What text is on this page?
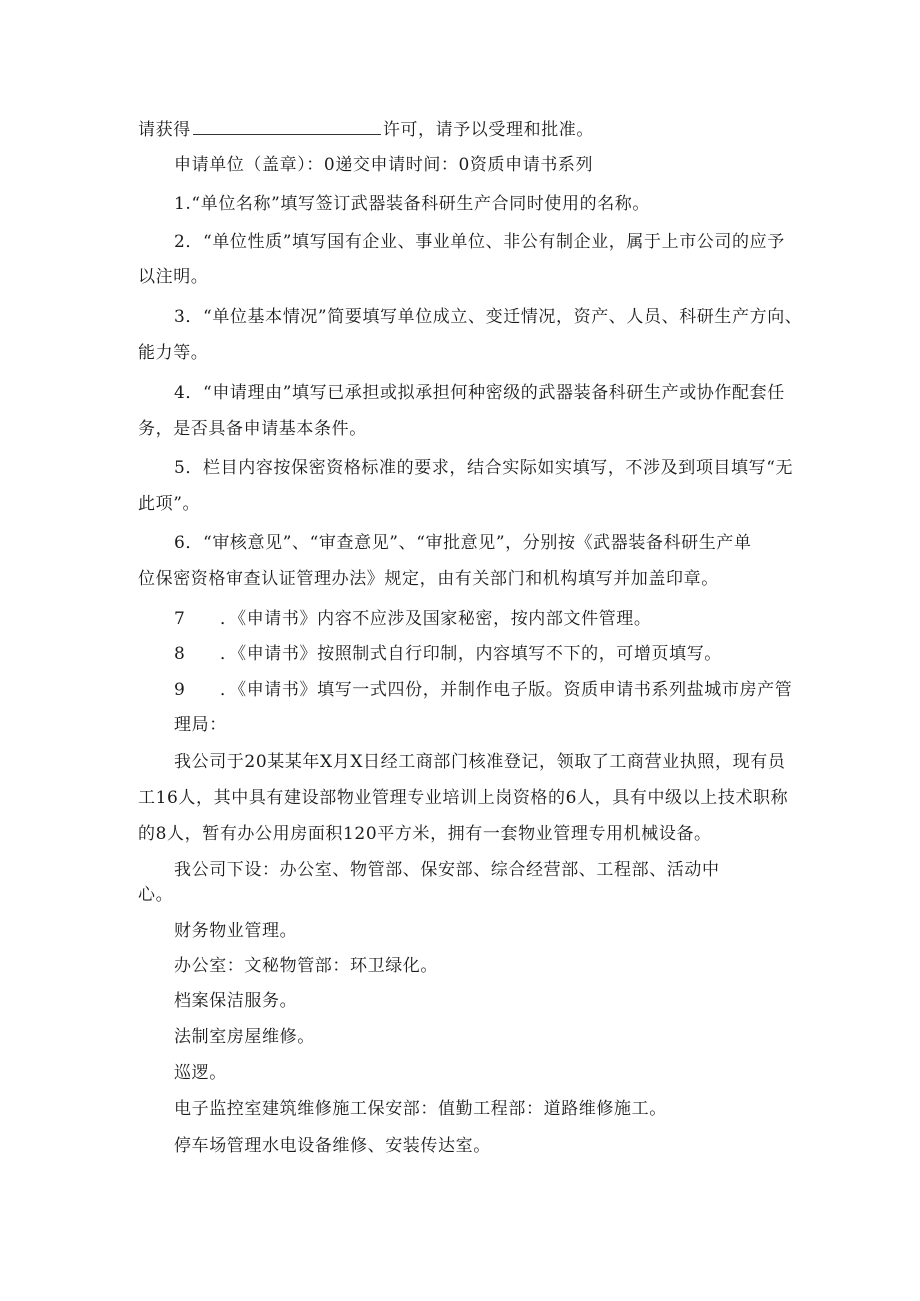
请获得	许可，请予以受理和批准。
申请单位（盖章）：0递交申请时间：0资质申请书系列
1.“单位名称”填写签订武器装备科研生产合同时使用的名称。
2．“单位性质”填写国有企业、事业单位、非公有制企业，属于上市公司的应予
以注明。
3．“单位基本情况”简要填写单位成立、变迁情况，资产、人员、科研生产方向、
能力等。
4．“申请理由”填写已承担或拟承担何种密级的武器装备科研生产或协作配套任
务，是否具备申请基本条件。
5．栏目内容按保密资格标准的要求，结合实际如实填写，不涉及到项目填写“无
此项”。
6．“审核意见”、“审查意见”、“审批意见”，分别按《武器装备科研生产单
位保密资格审查认证管理办法》规定，由有关部门和机构填写并加盖印章。
7 ．《申请书》内容不应涉及国家秘密，按内部文件管理。
8 ．《申请书》按照制式自行印制，内容填写不下的，可增页填写。
9 ．《申请书》填写一式四份，并制作电子版。资质申请书系列盐城市房产管
理局：
我公司于20某某年X月X日经工商部门核准登记，领取了工商营业执照，现有员
工16人，其中具有建设部物业管理专业培训上岗资格的6人，具有中级以上技术职称
的8人，暂有办公用房面积120平方米，拥有一套物业管理专用机械设备。
我公司下设：办公室、物管部、保安部、综合经营部、工程部、活动中
心。
财务物业管理。
办公室：文秘物管部：环卫绿化。
档案保洁服务。
法制室房屋维修。
巡逻。
电子监控室建筑维修施工保安部：值勤工程部：道路维修施工。
停车场管理水电设备维修、安装传达室。
